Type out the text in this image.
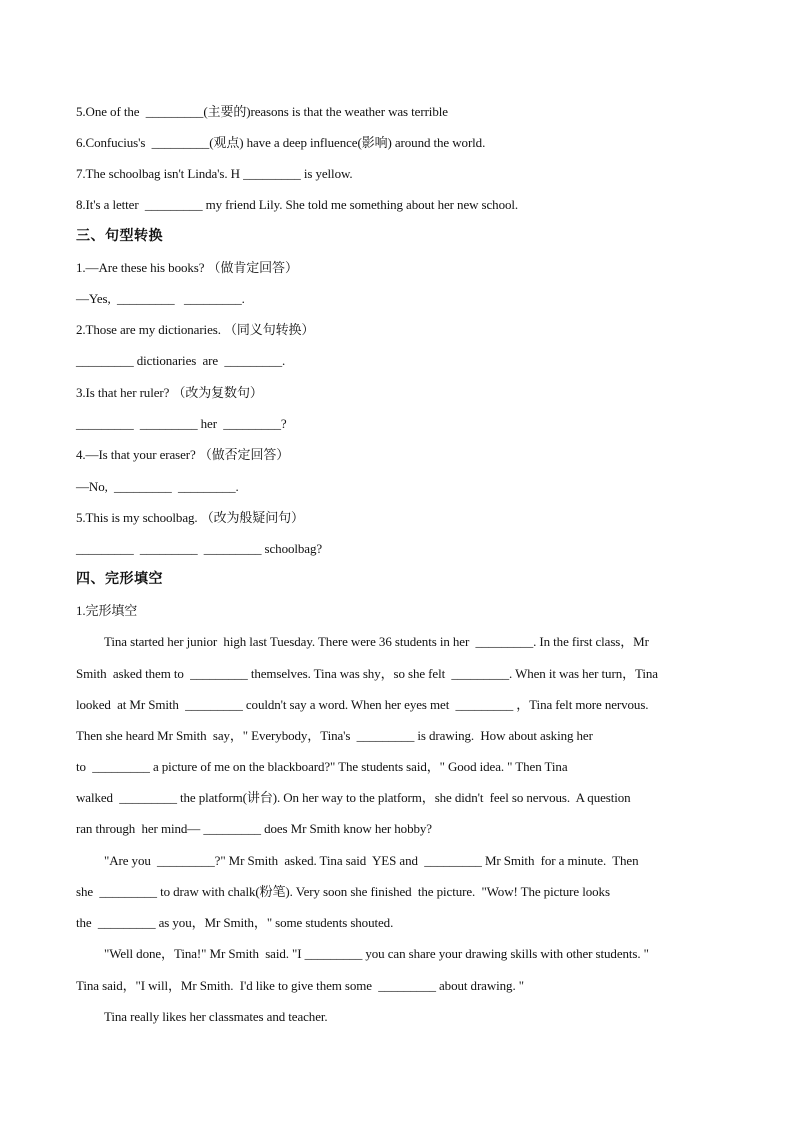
5.One of the  _________(主要的)reasons is that the weather was terrible
6.Confucius's  _________(观点) have a deep influence(影响) around the world.
7.The schoolbag isn't Linda's. H _________ is yellow.
8.It's a letter  _________ my friend Lily. She told me something about her new school.
三、句型转换
1.—Are these his books? （做肯定回答）
—Yes,  _________   _________.
2.Those are my dictionaries. （同义句转换）
_________ dictionaries  are  _________.
3.Is that her ruler? （改为复数句）
_________  _________ her  _________?
4.—Is that your eraser? （做否定回答）
—No,  _________  _________.
5.This is my schoolbag. （改为般疑问句）
_________  _________  _________ schoolbag?
四、完形填空
1.完形填空
Tina started her junior  high last Tuesday. There were 36 students in her  _________. In the first class，Mr
Smith  asked them to  _________ themselves. Tina was shy，so she felt  _________. When it was her turn，Tina
looked  at Mr Smith  _________ couldn't say a word. When her eyes met  _________ ，Tina felt more nervous.
Then she heard Mr Smith  say，" Everybody，Tina's  _________ is drawing.  How about asking her
to  _________ a picture of me on the blackboard?" The students said，" Good idea. " Then Tina
walked  _________ the platform(讲台). On her way to the platform，she didn't  feel so nervous.  A question
ran through  her mind— _________ does Mr Smith know her hobby?
"Are you  _________?" Mr Smith  asked. Tina said  YES and  _________ Mr Smith  for a minute.  Then
she  _________ to draw with chalk(粉笔). Very soon she finished  the picture.  "Wow! The picture looks
the  _________ as you，Mr Smith，" some students shouted.
"Well done，Tina!" Mr Smith  said. "I _________ you can share your drawing skills with other students. "
Tina said，"I will，Mr Smith.  I'd like to give them some  _________ about drawing. "
Tina really likes her classmates and teacher.
